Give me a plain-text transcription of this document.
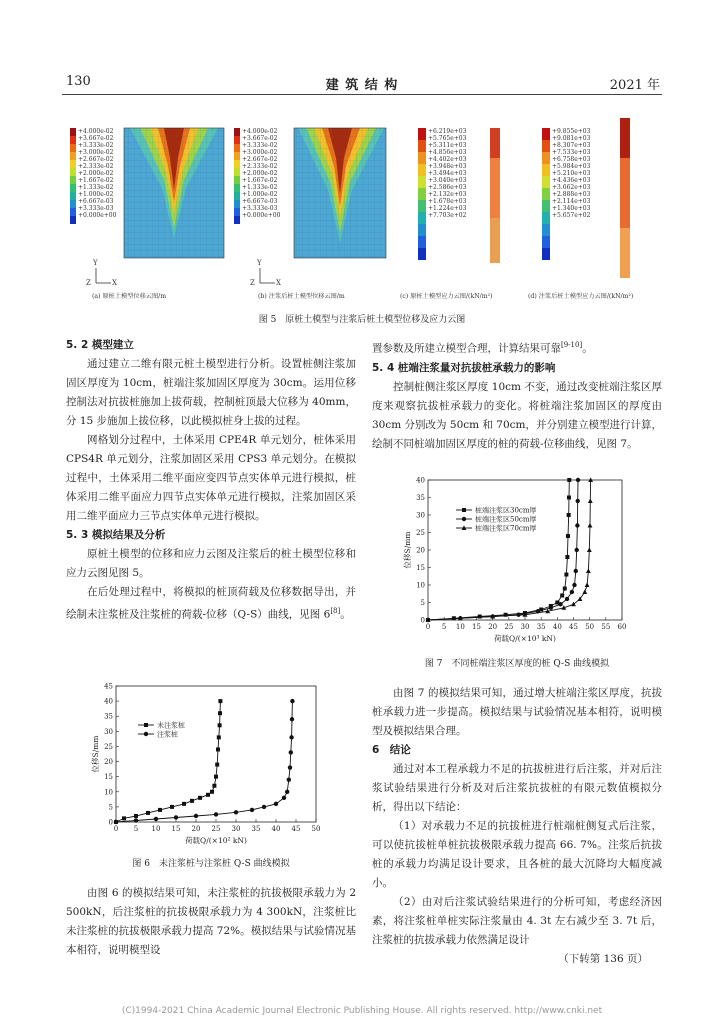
130	建 筑 结 构	2021 年
Y
X
Z
+4.000e-02
+3.667e-02
+3.333e-02
+3.000e-02
+2.667e-02
+2.333e-02
+2.000e-02
+1.667e-02
+1.333e-02
+1.000e-02
+6.667e-03
+3.333e-03
+0.000e+00
(a) 原桩土模型位移云图/m
Y
X
Z
+4.000e-02
+3.667e-02
+3.333e-02
+3.000e-02
+2.667e-02
+2.333e-02
+2.000e-02
+1.667e-02
+1.333e-02
+1.000e-02
+6.667e-03
+3.333e-03
+0.000e+00
(b) 注浆后桩土模型位移云图/m
+6.219e+03
+5.765e+03
+5.311e+03
+4.856e+03
+4.402e+03
+3.948e+03
+3.494e+03
+3.040e+03
+2.586e+03
+2.132e+03
+1.678e+03
+1.224e+03
+7.703e+02
(c) 原桩土模型应力云图/(kN/m²)
+9.855e+03
+9.081e+03
+8.307e+03
+7.533e+03
+6.758e+03
+5.984e+03
+5.210e+03
+4.436e+03
+3.662e+03
+2.888e+03
+2.114e+03
+1.340e+03
+5.657e+02
(d) 注浆后桩土模型应力云图/(kN/m²)
图 5　原桩土模型与注浆后桩土模型位移及应力云图

5. 2 模型建立

通过建立二维有限元桩土模型进行分析。设置桩侧注浆加固区厚度为 10cm，桩端注浆加固区厚度为 30cm。运用位移控制法对抗拔桩施加上拔荷载，控制桩顶最大位移为 40mm，分 15 步施加上拔位移，以此模拟桩身上拔的过程。

网格划分过程中，土体采用 CPE4R 单元划分，桩体采用 CPS4R 单元划分，注浆加固区采用 CPS3 单元划分。在模拟过程中，土体采用二维平面应变四节点实体单元进行模拟，桩体采用二维平面应力四节点实体单元进行模拟，注浆加固区采用二维平面应力三节点实体单元进行模拟。

5. 3 模拟结果及分析

原桩土模型的位移和应力云图及注浆后的桩土模型位移和应力云图见图 5。

在后处理过程中，将模拟的桩顶荷载及位移数据导出，并绘制未注浆桩及注浆桩的荷载-位移（Q-S）曲线，见图 6[8]。

0 5 10 15 20 25 30 35 40 45 50
0
5
10
15
20
25
30
35
40
45
荷载Q/(×10² kN)
位移S/mm
未注浆桩
注浆桩
图 6　未注浆桩与注浆桩 Q-S 曲线模拟

由图 6 的模拟结果可知，未注浆桩的抗拔极限承载力为 2 500kN，后注浆桩的抗拔极限承载力为 4 300kN，注浆桩比未注浆桩的抗拔极限承载力提高 72%。模拟结果与试验情况基本相符，说明模型设

置参数及所建立模型合理，计算结果可靠[9-10]。

5. 4 桩端注浆量对抗拔桩承载力的影响

控制桩侧注浆区厚度 10cm 不变，通过改变桩端注浆区厚度来观察抗拔桩承载力的变化。将桩端注浆加固区的厚度由 30cm 分别改为 50cm 和 70cm，并分别建立模型进行计算，绘制不同桩端加固区厚度的桩的荷载-位移曲线，见图 7。

0 5 10 15 20 25 30 35 40 45 50 55 60
0
5
10
15
20
25
30
35
40
荷载Q/(×10³ kN)
位移S/mm
桩端注浆区30cm厚
桩端注浆区50cm厚
桩端注浆区70cm厚
图 7　不同桩端注浆区厚度的桩 Q-S 曲线模拟

由图 7 的模拟结果可知，通过增大桩端注浆区厚度，抗拔桩承载力进一步提高。模拟结果与试验情况基本相符，说明模型及模拟结果合理。

6　结论

通过对本工程承载力不足的抗拔桩进行后注浆，并对后注浆试验结果进行分析及对后注浆抗拔桩的有限元数值模拟分析，得出以下结论：

（1）对承载力不足的抗拔桩进行桩端桩侧复式后注浆，可以使抗拔桩单桩抗拔极限承载力提高 66. 7%。注浆后抗拔桩的承载力均满足设计要求，且各桩的最大沉降均大幅度减小。

（2）由对后注浆试验结果进行的分析可知，考虑经济因素，将注浆桩单桩实际注浆量由 4. 3t 左右减少至 3. 7t 后，注浆桩的抗拔承载力依然满足设计

（下转第 136 页）

(C)1994-2021 China Academic Journal Electronic Publishing House. All rights reserved. http://www.cnki.net
